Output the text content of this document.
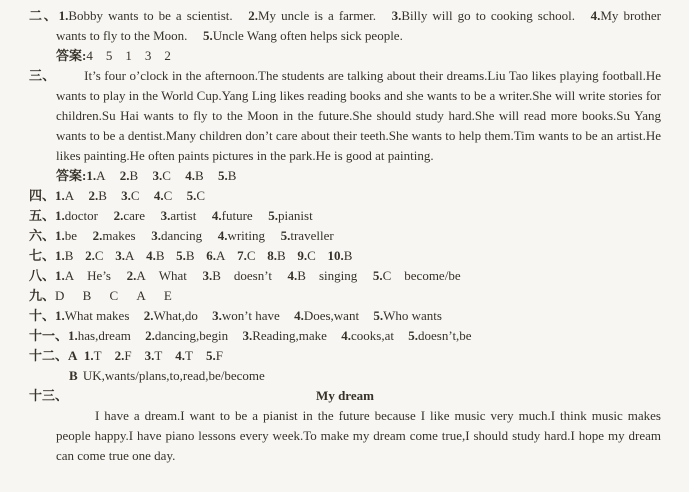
二、1.Bobby wants to be a scientist. 2.My uncle is a farmer. 3.Billy will go to cooking school. 4.My brother wants to fly to the Moon. 5.Uncle Wang often helps sick people.
答案:4 5 1 3 2
三、 It’s four o’clock in the afternoon.The students are talking about their dreams.Liu Tao likes playing football.He wants to play in the World Cup.Yang Ling likes reading books and she wants to be a writer.She will write stories for children.Su Hai wants to fly to the Moon in the future.She should study hard.She will read more books.Su Yang wants to be a dentist.Many children don’t care about their teeth.She wants to help them.Tim wants to be an artist.He likes painting.He often paints pictures in the park.He is good at painting.
答案:1.A 2.B 3.C 4.B 5.B
四、1.A 2.B 3.C 4.C 5.C
五、1.doctor 2.care 3.artist 4.future 5.pianist
六、1.be 2.makes 3.dancing 4.writing 5.traveller
七、1.B 2.C 3.A 4.B 5.B 6.A 7.C 8.B 9.C 10.B
八、1.A He’s 2.A What 3.B doesn’t 4.B singing 5.C become/be
九、D B C A E
十、1.What makes 2.What,do 3.won’t have 4.Does,want 5.Who wants
十一、1.has,dream 2.dancing,begin 3.Reading,make 4.cooks,at 5.doesn’t,be
十二、A 1.T 2.F 3.T 4.T 5.F
B UK,wants/plans,to,read,be/become
十三、	My dream
I have a dream.I want to be a pianist in the future because I like music very much.I think music makes people happy.I have piano lessons every week.To make my dream come true,I should study hard.I hope my dream can come true one day.
